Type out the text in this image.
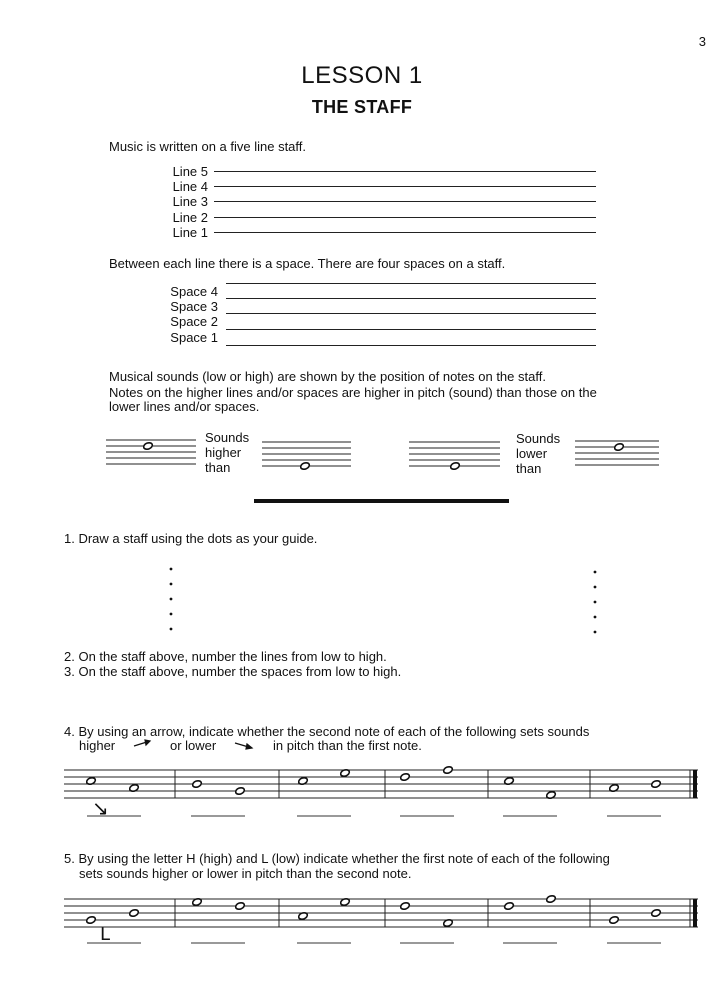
3
LESSON 1
THE STAFF
Music is written on a five line staff.
Line 5
Line 4
Line 3
Line 2
Line 1
Between each line there is a space. There are four spaces on a staff.
Space 4
Space 3
Space 2
Space 1
Musical sounds (low or high) are shown by the position of notes on the staff.
Notes on the higher lines and/or spaces are higher in pitch (sound) than those on the
lower lines and/or spaces.
Sounds
higher
than
Sounds
lower
than
1. Draw a staff using the dots as your guide.
2. On the staff above, number the lines from low to high.
3. On the staff above, number the spaces from low to high.
4. By using an arrow, indicate whether the second note of each of the following sets sounds
higher	or lower	in pitch than the first note.
↘
5. By using the letter H (high) and L (low) indicate whether the first note of each of the following
sets sounds higher or lower in pitch than the second note.
L
